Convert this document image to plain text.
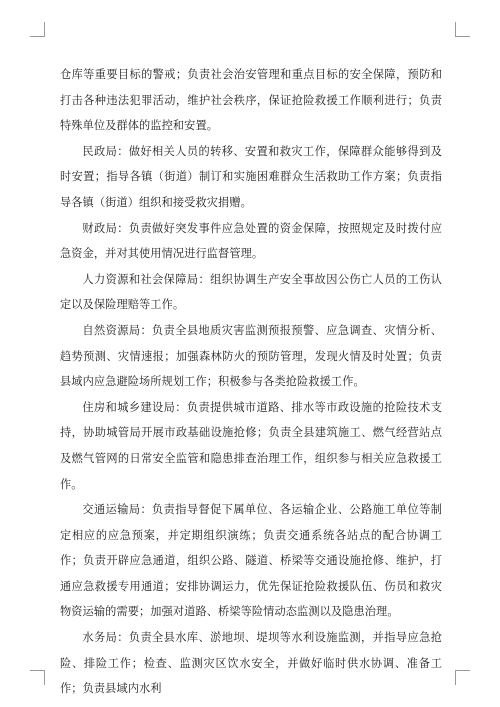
仓库等重要目标的警戒；负责社会治安管理和重点目标的安全保障，预防和打击各种违法犯罪活动，维护社会秩序，保证抢险救援工作顺利进行；负责特殊单位及群体的监控和安置。

民政局：做好相关人员的转移、安置和救灾工作，保障群众能够得到及时安置；指导各镇（街道）制订和实施困难群众生活救助工作方案；负责指导各镇（街道）组织和接受救灾捐赠。

财政局：负责做好突发事件应急处置的资金保障，按照规定及时拨付应急资金，并对其使用情况进行监督管理。

人力资源和社会保障局：组织协调生产安全事故因公伤亡人员的工伤认定以及保险理赔等工作。

自然资源局：负责全县地质灾害监测预报预警、应急调查、灾情分析、趋势预测、灾情速报；加强森林防火的预防管理，发现火情及时处置；负责县域内应急避险场所规划工作；积极参与各类抢险救援工作。

住房和城乡建设局：负责提供城市道路、排水等市政设施的抢险技术支持，协助城管局开展市政基础设施抢修；负责全县建筑施工、燃气经营站点及燃气管网的日常安全监管和隐患排查治理工作，组织参与相关应急救援工作。

交通运输局：负责指导督促下属单位、各运输企业、公路施工单位等制定相应的应急预案，并定期组织演练；负责交通系统各站点的配合协调工作；负责开辟应急通道，组织公路、隧道、桥梁等交通设施抢修、维护，打通应急救援专用通道；安排协调运力，优先保证抢险救援队伍、伤员和救灾物资运输的需要；加强对道路、桥梁等险情动态监测以及隐患治理。

水务局：负责全县水库、淤地坝、堤坝等水利设施监测，并指导应急抢险、排险工作；检查、监测灾区饮水安全，并做好临时供水协调、准备工作；负责县域内水利
